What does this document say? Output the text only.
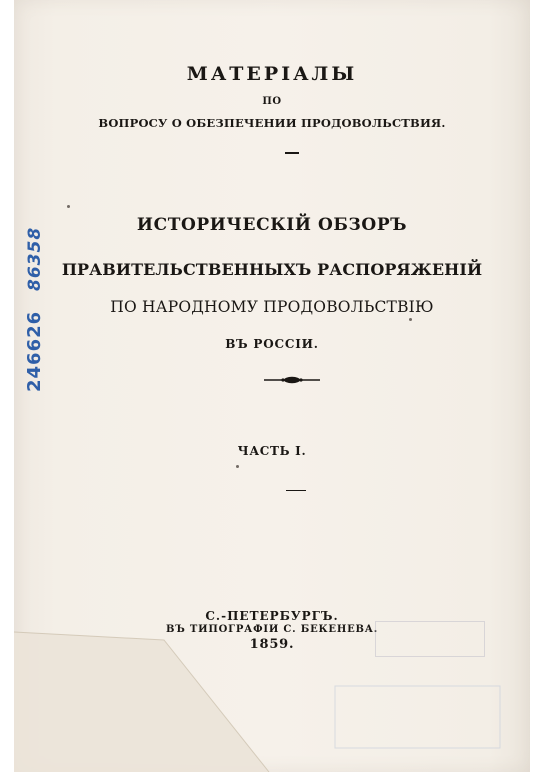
МАТЕРІАЛЫ
ПО
ВОПРОСУ О ОБЕЗПЕЧЕНИИ ПРОДОВОЛЬСТВИЯ.
ИСТОРИЧЕСКІЙ ОБЗОРЪ
ПРАВИТЕЛЬСТВЕННЫХЪ РАСПОРЯЖЕНІЙ
ПО НАРОДНОМУ ПРОДОВОЛЬСТВІЮ
ВЪ РОССІИ.
ЧАСТЬ I.
С.-ПЕТЕРБУРГЪ.
ВЪ ТИПОГРАФІИ С. БЕКЕНЕВА.
1859.
246626
86358
